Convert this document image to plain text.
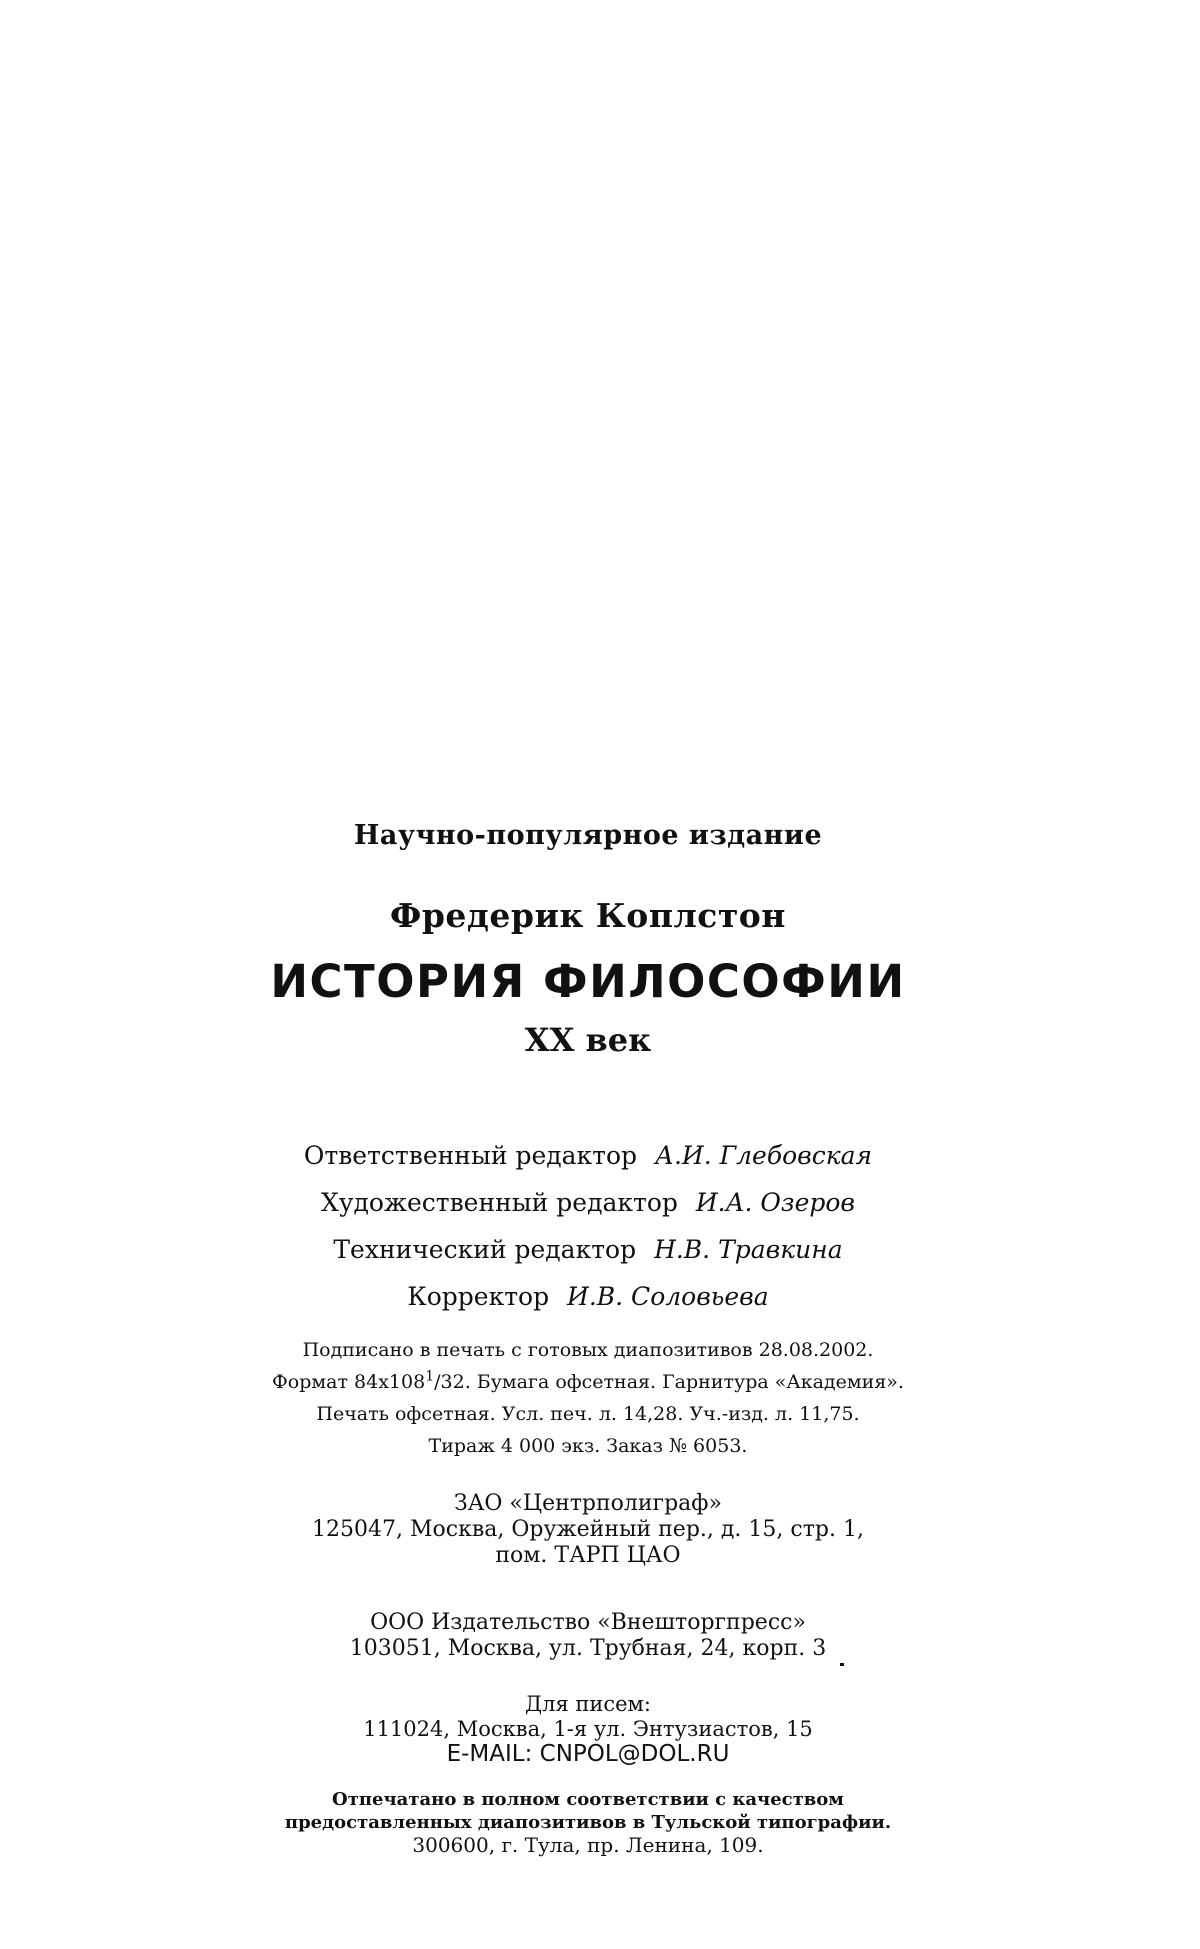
Научно-популярное издание
Фредерик Коплстон
ИСТОРИЯ ФИЛОСОФИИ
XX век
Ответственный редактор А.И. Глебовская
Художественный редактор И.А. Озеров
Технический редактор Н.В. Травкина
Корректор И.В. Соловьева
Подписано в печать с готовых диапозитивов 28.08.2002.
Формат $84х108^1/32$. Бумага офсетная. Гарнитура «Академия».
Печать офсетная. Усл. печ. л. 14,28. Уч.-изд. л. 11,75.
Тираж 4 000 экз. Заказ № 6053.
ЗАО «Центрполиграф»
125047, Москва, Оружейный пер., д. 15, стр. 1,
пом. ТАРП ЦАО
ООО Издательство «Внешторгпресс»
103051, Москва, ул. Трубная, 24, корп. 3
Для писем:
111024, Москва, 1-я ул. Энтузиастов, 15
E-MAIL: CNPOL@DOL.RU
Отпечатано в полном соответствии с качеством
предоставленных диапозитивов в Тульской типографии.
300600, г. Тула, пр. Ленина, 109.
